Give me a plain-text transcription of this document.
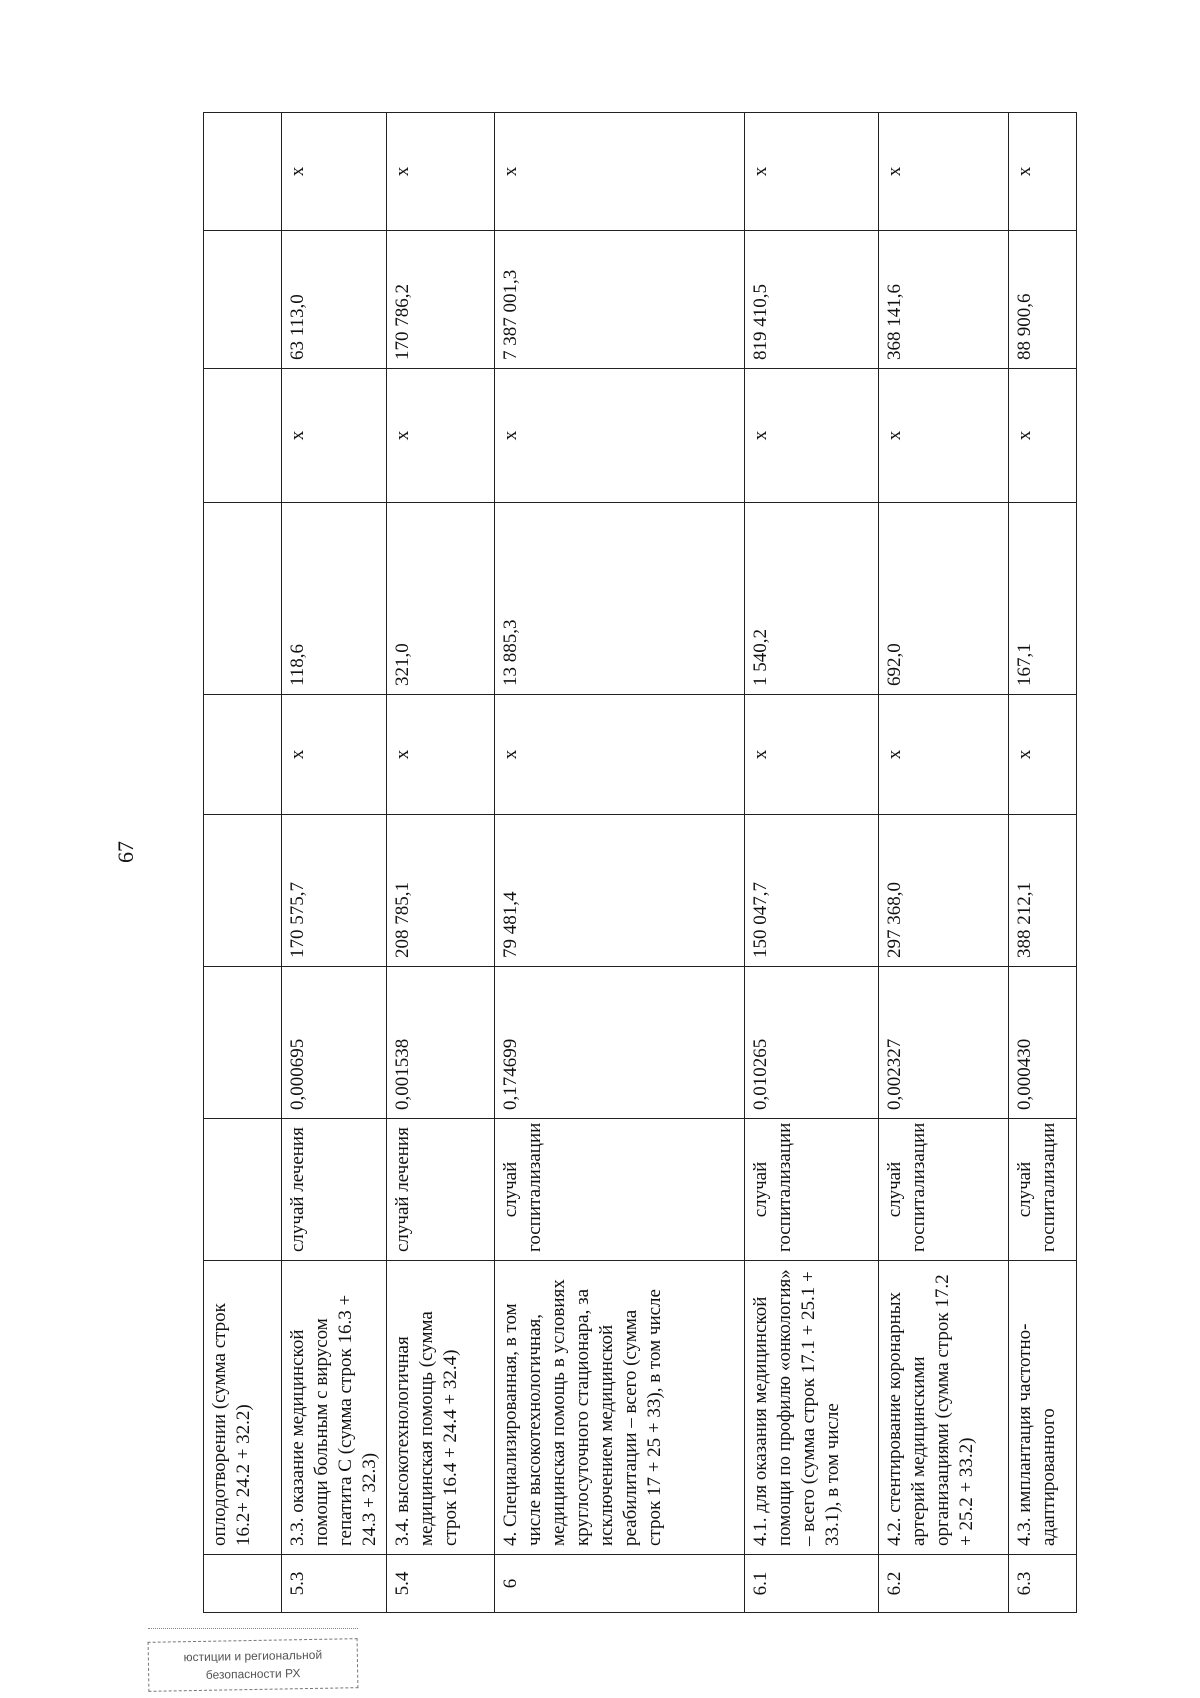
67
юстиции и региональной
безопасности РХ
	оплодотворении (сумма строк 16.2+ 24.2 + 32.2)								
5.3	3.3. оказание медицинской помощи больным с вирусом гепатита С (сумма строк 16.3 + 24.3 + 32.3)	случай лечения	0,000695	170 575,7	х	118,6	х	63 113,0	х
5.4	3.4. высокотехнологичная медицинская помощь (сумма строк 16.4 + 24.4 + 32.4)	случай лечения	0,001538	208 785,1	х	321,0	х	170 786,2	х
6	4. Специализированная, в том числе высокотехнологичная, медицинская помощь в условиях круглосуточного стационара, за исключением медицинской реабилитации – всего (сумма строк 17 + 25 + 33), в том числе	случай госпитализации	0,174699	79 481,4	х	13 885,3	х	7 387 001,3	х
6.1	4.1. для оказания медицинской помощи по профилю «онкология» – всего (сумма строк 17.1 + 25.1 + 33.1), в том числе	случай госпитализации	0,010265	150 047,7	х	1 540,2	х	819 410,5	х
6.2	4.2. стентирование коронарных артерий медицинскими организациями (сумма строк 17.2 + 25.2 + 33.2)	случай госпитализации	0,002327	297 368,0	х	692,0	х	368 141,6	х
6.3	4.3. имплантация частотно-адаптированного	случай госпитализации	0,000430	388 212,1	х	167,1	х	88 900,6	х
